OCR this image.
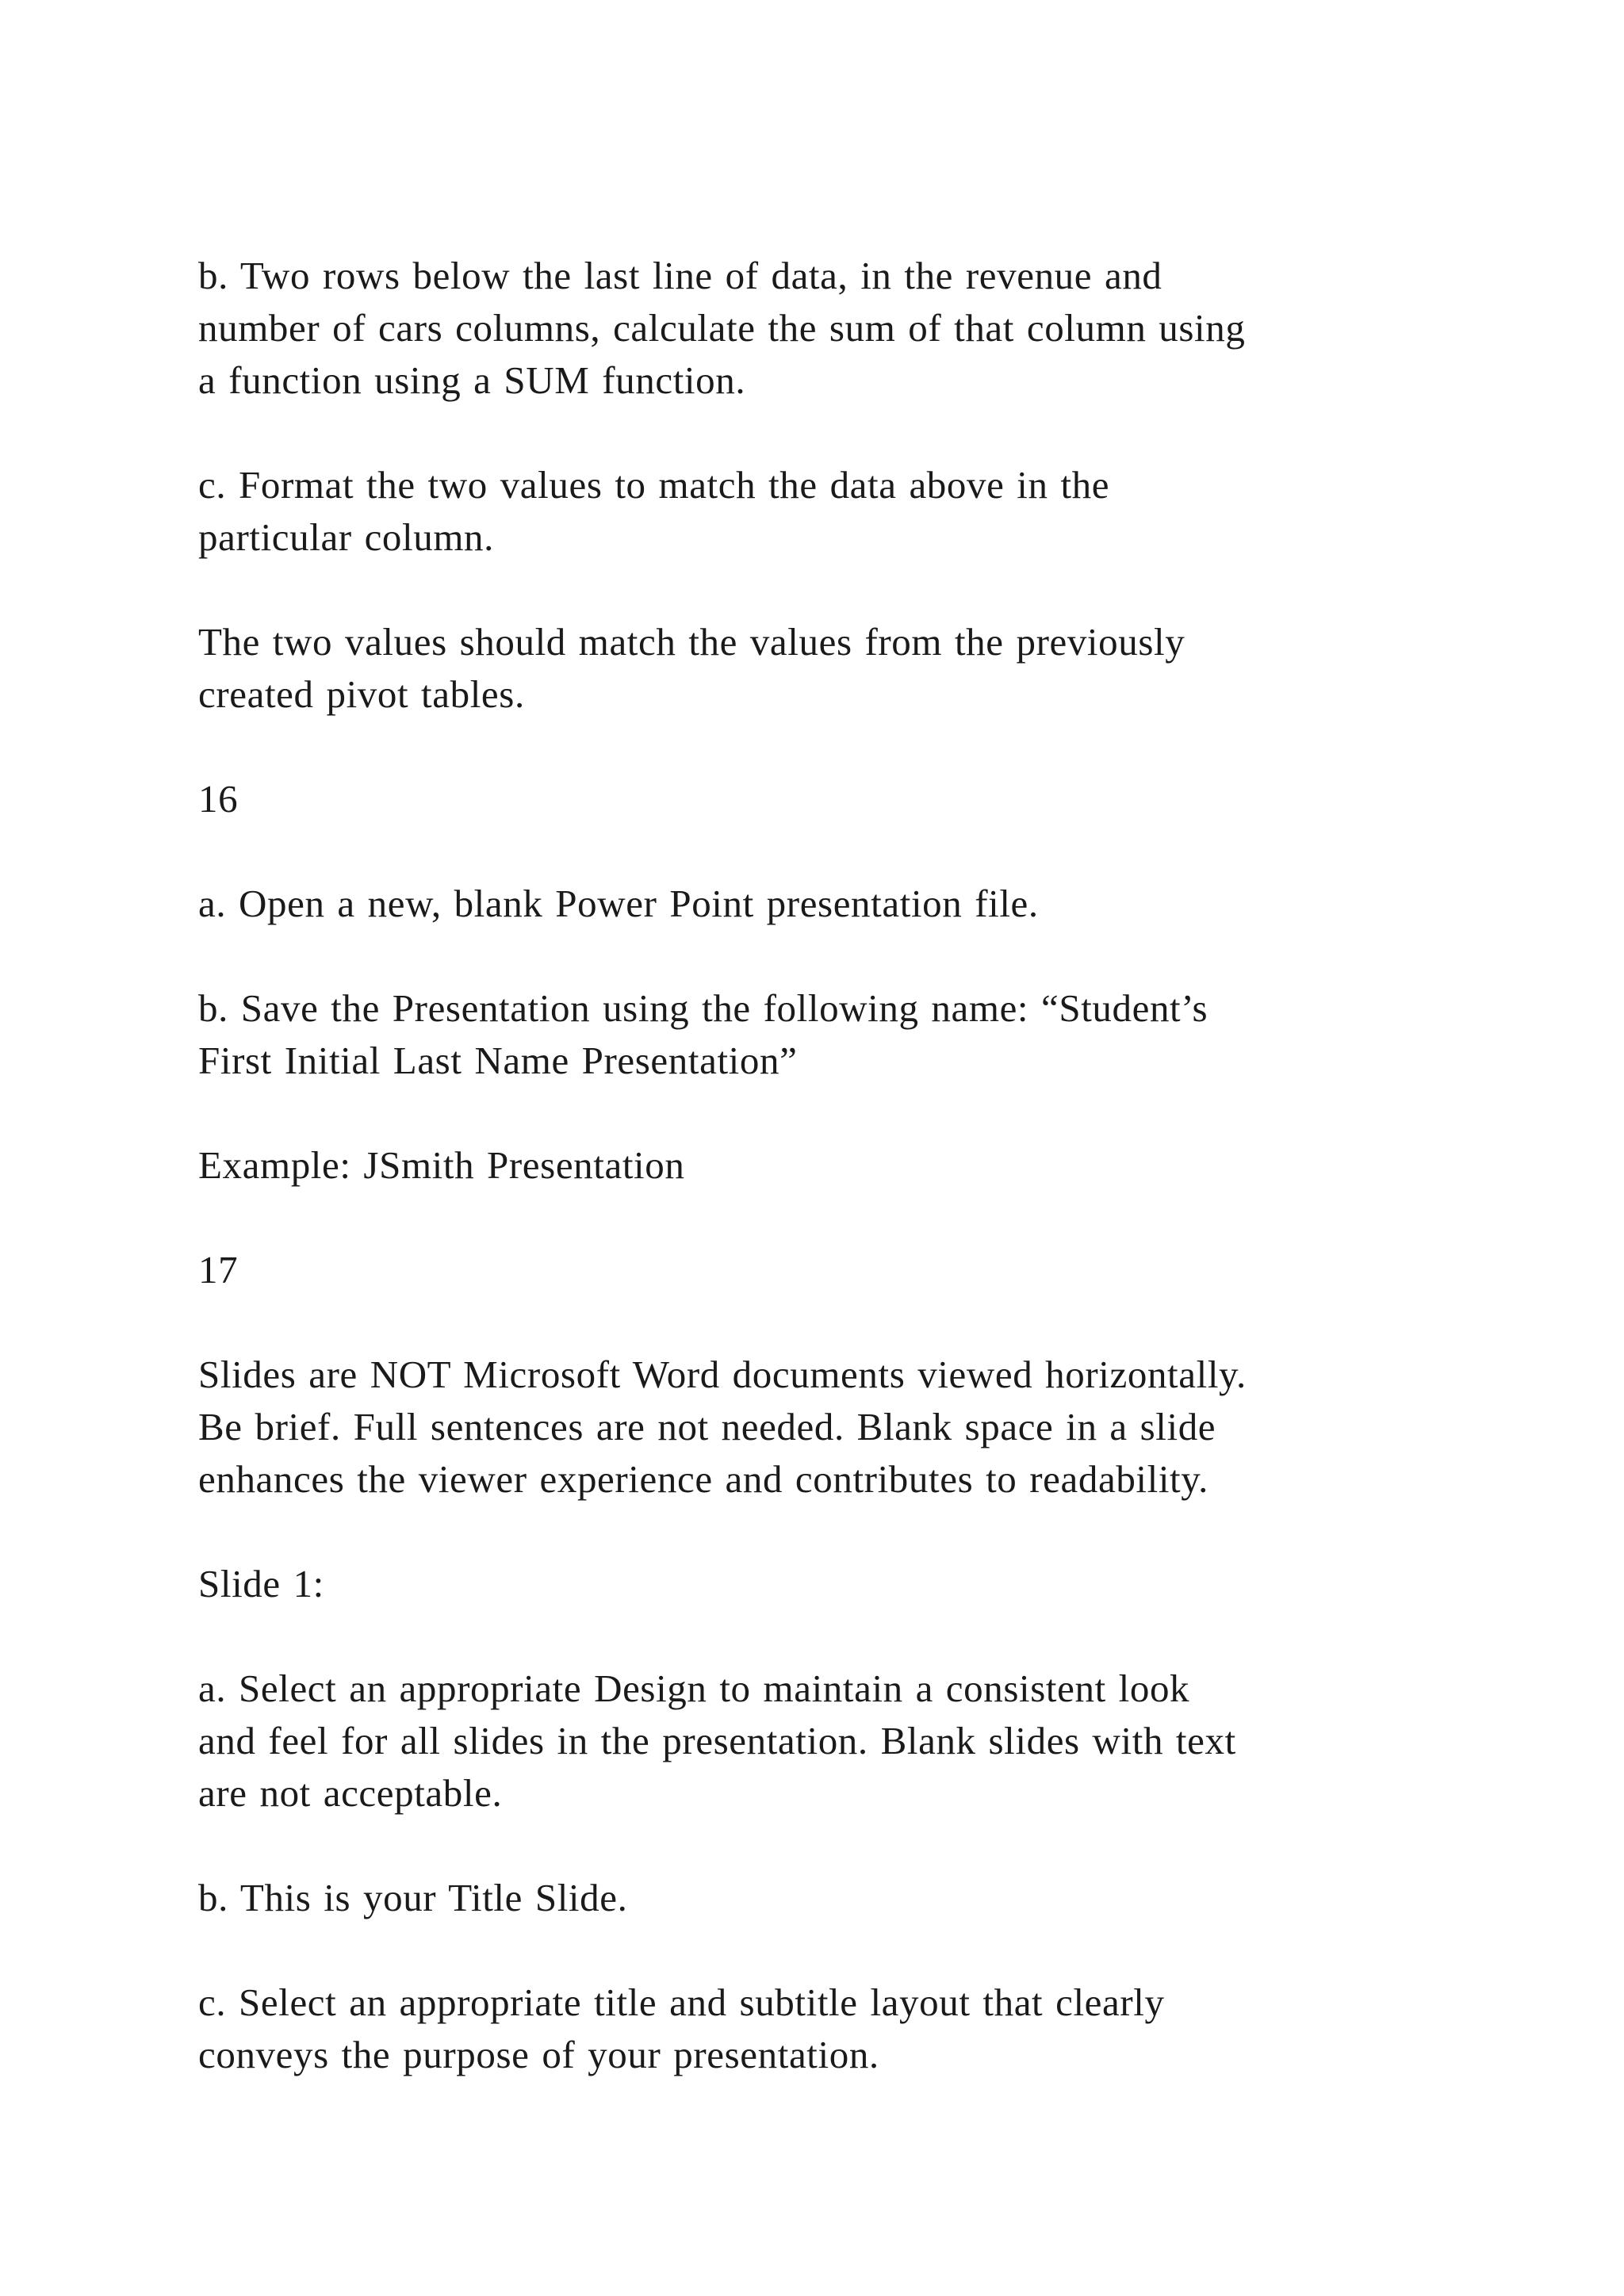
b. Two rows below the last line of data, in the revenue and

number of cars columns, calculate the sum of that column using

a function using a SUM function.

c. Format the two values to match the data above in the

particular column.

The two values should match the values from the previously

created pivot tables.

16

a. Open a new, blank Power Point presentation file.

b. Save the Presentation using the following name: “Student’s

First Initial Last Name Presentation”

Example: JSmith Presentation

17

Slides are NOT Microsoft Word documents viewed horizontally.

Be brief. Full sentences are not needed. Blank space in a slide

enhances the viewer experience and contributes to readability.

Slide 1:

a. Select an appropriate Design to maintain a consistent look

and feel for all slides in the presentation. Blank slides with text

are not acceptable.

b. This is your Title Slide.

c. Select an appropriate title and subtitle layout that clearly

conveys the purpose of your presentation.
